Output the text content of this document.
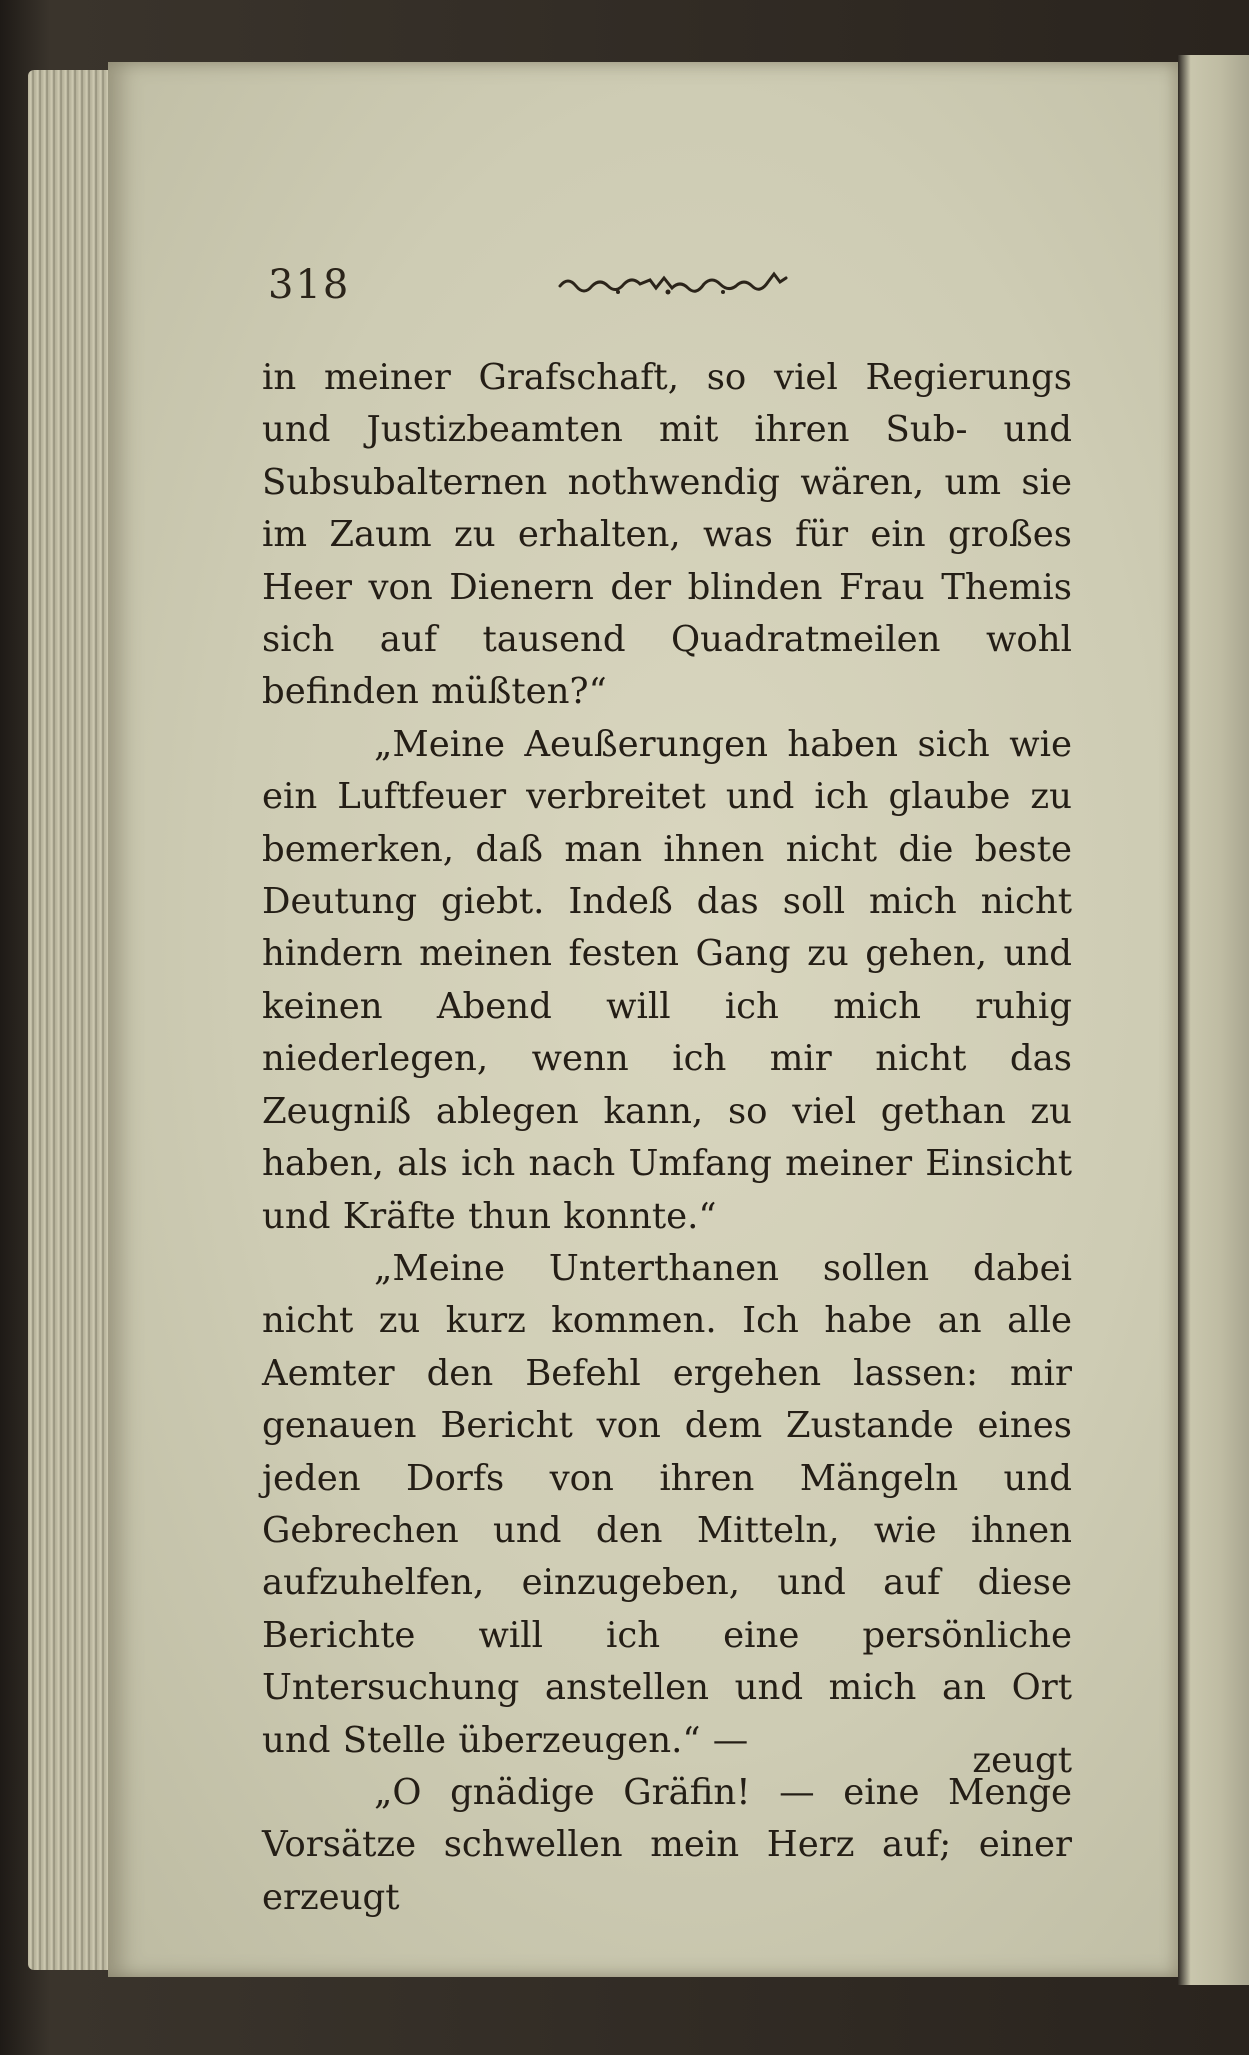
318

in meiner Grafschaft, so viel Regierungs und Justizbeamten mit ihren Sub- und Subsubalternen nothwendig wären, um sie im Zaum zu erhalten, was für ein großes Heer von Dienern der blinden Frau Themis sich auf tausend Quadratmeilen wohl befinden müßten?“

„Meine Aeußerungen haben sich wie ein Luftfeuer verbreitet und ich glaube zu bemerken, daß man ihnen nicht die beste Deutung giebt. Indeß das soll mich nicht hindern meinen festen Gang zu gehen, und keinen Abend will ich mich ruhig niederlegen, wenn ich mir nicht das Zeugniß ablegen kann, so viel gethan zu haben, als ich nach Umfang meiner Einsicht und Kräfte thun konnte.“

„Meine Unterthanen sollen dabei nicht zu kurz kommen. Ich habe an alle Aemter den Befehl ergehen lassen: mir genauen Bericht von dem Zustande eines jeden Dorfs von ihren Mängeln und Gebrechen und den Mitteln, wie ihnen aufzuhelfen, einzugeben, und auf diese Berichte will ich eine persönliche Untersuchung anstellen und mich an Ort und Stelle überzeugen.“ —

„O gnädige Gräfin! — eine Menge Vorsätze schwellen mein Herz auf; einer erzeugt

zeugt
